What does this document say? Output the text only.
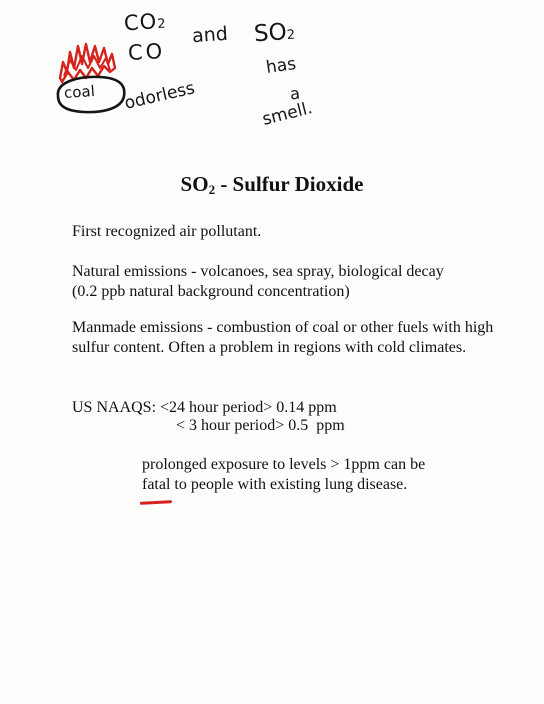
CO2
CO
and SO2
has
a
smell.
odorless
coal
$SO_2$ - Sulfur Dioxide

First recognized air pollutant.

Natural emissions - volcanoes, sea spray, biological decay
(0.2 ppb natural background concentration)

Manmade emissions - combustion of coal or other fuels with high sulfur content. Often a problem in regions with cold climates.

US NAAQS: <24 hour period> 0.14 ppm
< 3 hour period> 0.5  ppm

prolonged exposure to levels > 1ppm can be
fatal
to people with existing lung disease.
